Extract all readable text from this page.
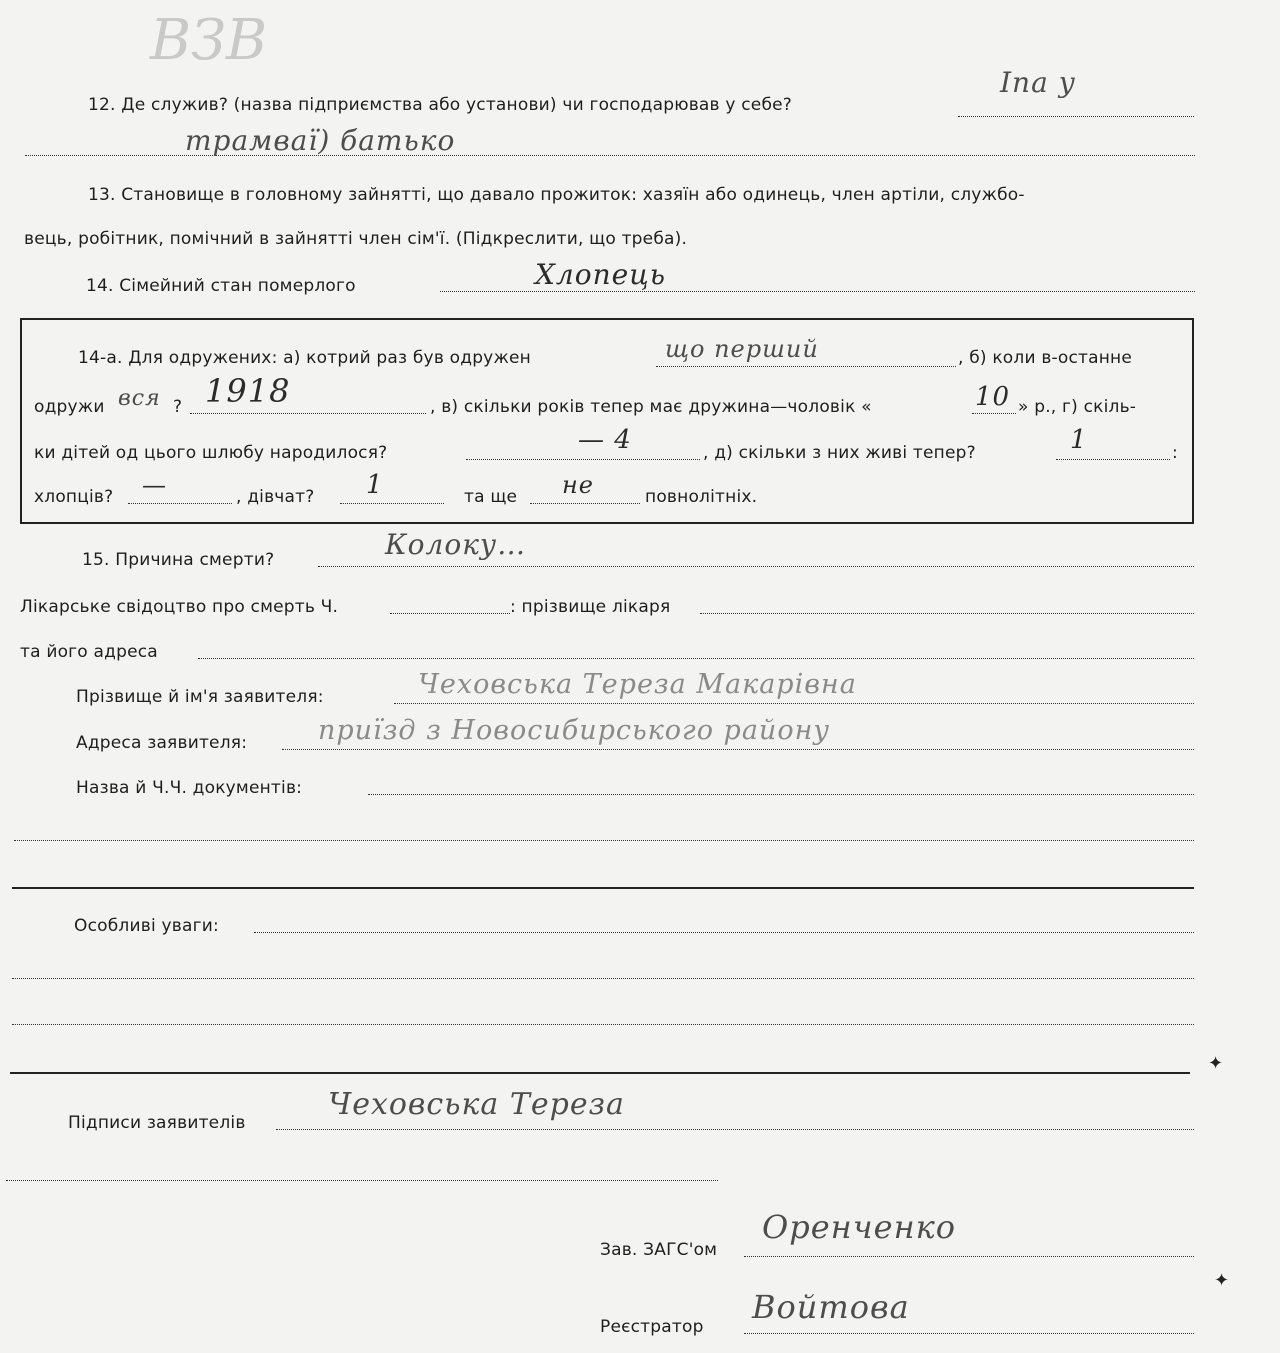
ВЗВ
12. Де служив? (назва підприємства або установи) чи господарював у себе?
Іпа у
трамваї) батько
13. Становище в головному зайнятті, що давало прожиток: хазяїн або одинець, член артіли, службо-
вець, робітник, помічний в зайнятті член сім'ї. (Підкреслити, що треба).
14. Сімейний стан померлого	Хлопець
14-а. Для одружених: а) котрий раз був одружен	що перший	, б) коли в-останне
одружи вся ? 1918	, в) скільки років тепер має дружина—чоловік «	10 » р., г) скіль-
ки дітей од цього шлюбу народилося?	— 4	, д) скільки з них живі тепер?	1	:
хлопців? —	, дівчат? 1	та ще не	повнолітніх.
15. Причина смерти?	Колоку…
Лікарське свідоцтво про смерть Ч.	: прізвище лікаря
та його адреса
Прізвище й ім'я заявителя:	Чеховська Тереза Макарівна
Адреса заявителя:	приїзд з Новосибирського району
Назва й Ч.Ч. документів:
Особливі уваги:
✦
Підписи заявителів
Чеховська Тереза
Зав. ЗАГС'ом
Оренченко
✦
Реєстратор
Войтова
